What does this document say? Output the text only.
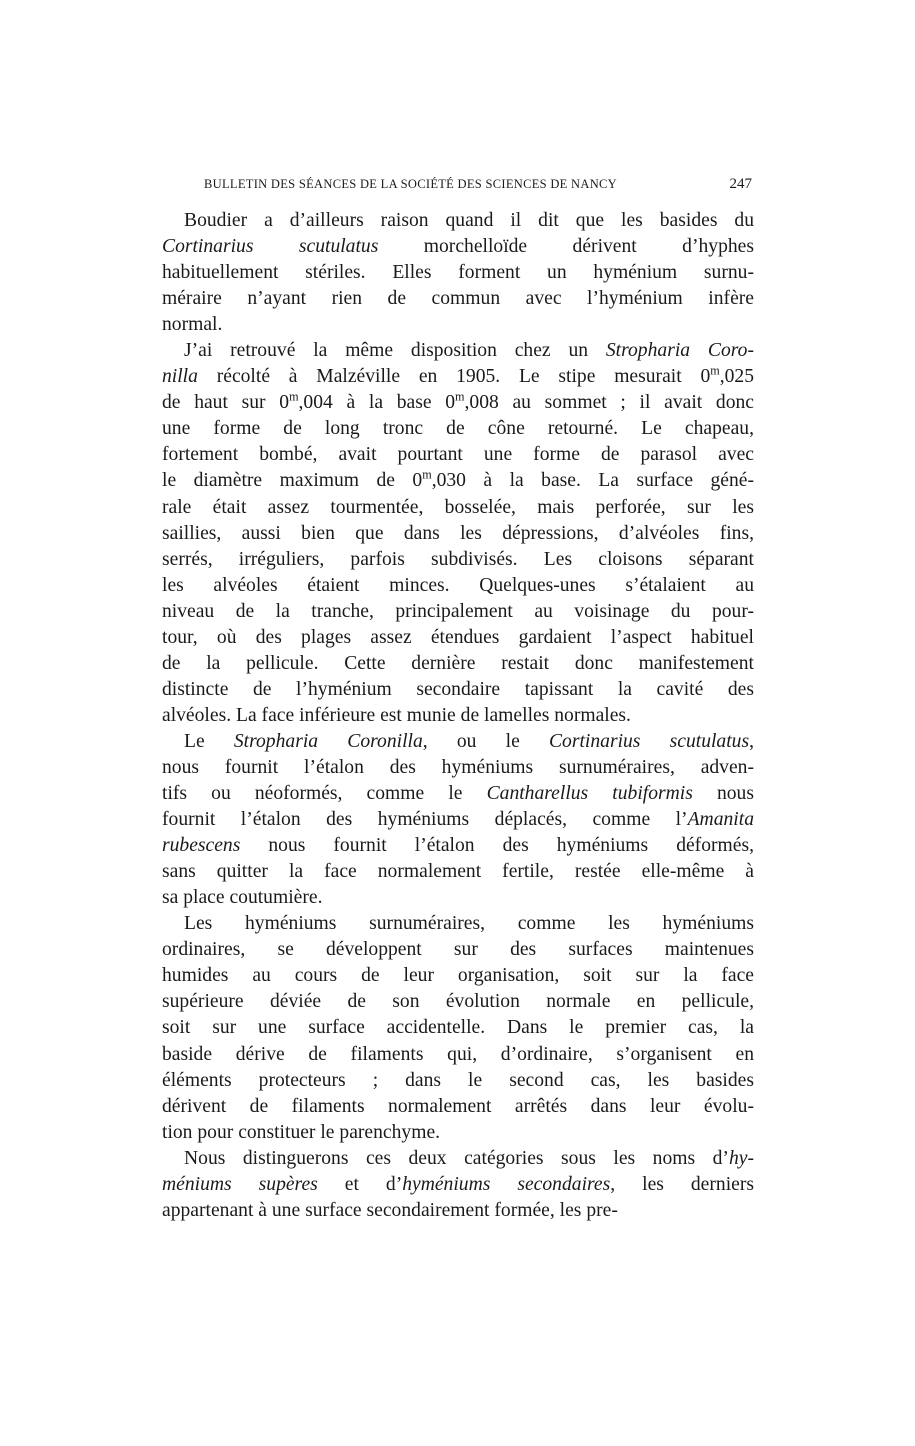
BULLETIN DES SÉANCES DE LA SOCIÉTÉ DES SCIENCES DE NANCY	247
Boudier a d’ailleurs raison quand il dit que les basides du
Cortinarius scutulatus morchelloïde dérivent d’hyphes
habituellement stériles. Elles forment un hyménium surnu-
méraire n’ayant rien de commun avec l’hyménium infère
normal.
J’ai retrouvé la même disposition chez un Stropharia Coro-
nilla récolté à Malzéville en 1905. Le stipe mesurait 0$^m$,025
de haut sur 0$^m$,004 à la base 0$^m$,008 au sommet ; il avait donc
une forme de long tronc de cône retourné. Le chapeau,
fortement bombé, avait pourtant une forme de parasol avec
le diamètre maximum de 0$^m$,030 à la base. La surface géné-
rale était assez tourmentée, bosselée, mais perforée, sur les
saillies, aussi bien que dans les dépressions, d’alvéoles fins,
serrés, irréguliers, parfois subdivisés. Les cloisons séparant
les alvéoles étaient minces. Quelques-unes s’étalaient au
niveau de la tranche, principalement au voisinage du pour-
tour, où des plages assez étendues gardaient l’aspect habituel
de la pellicule. Cette dernière restait donc manifestement
distincte de l’hyménium secondaire tapissant la cavité des
alvéoles. La face inférieure est munie de lamelles normales.
Le Stropharia Coronilla, ou le Cortinarius scutulatus,
nous fournit l’étalon des hyméniums surnuméraires, adven-
tifs ou néoformés, comme le Cantharellus tubiformis nous
fournit l’étalon des hyméniums déplacés, comme l’Amanita
rubescens nous fournit l’étalon des hyméniums déformés,
sans quitter la face normalement fertile, restée elle-même à
sa place coutumière.
Les hyméniums surnuméraires, comme les hyméniums
ordinaires, se développent sur des surfaces maintenues
humides au cours de leur organisation, soit sur la face
supérieure déviée de son évolution normale en pellicule,
soit sur une surface accidentelle. Dans le premier cas, la
baside dérive de filaments qui, d’ordinaire, s’organisent en
éléments protecteurs ; dans le second cas, les basides
dérivent de filaments normalement arrêtés dans leur évolu-
tion pour constituer le parenchyme.
Nous distinguerons ces deux catégories sous les noms d’hy-
méniums supères et d’hyméniums secondaires, les derniers
appartenant à une surface secondairement formée, les pre-
